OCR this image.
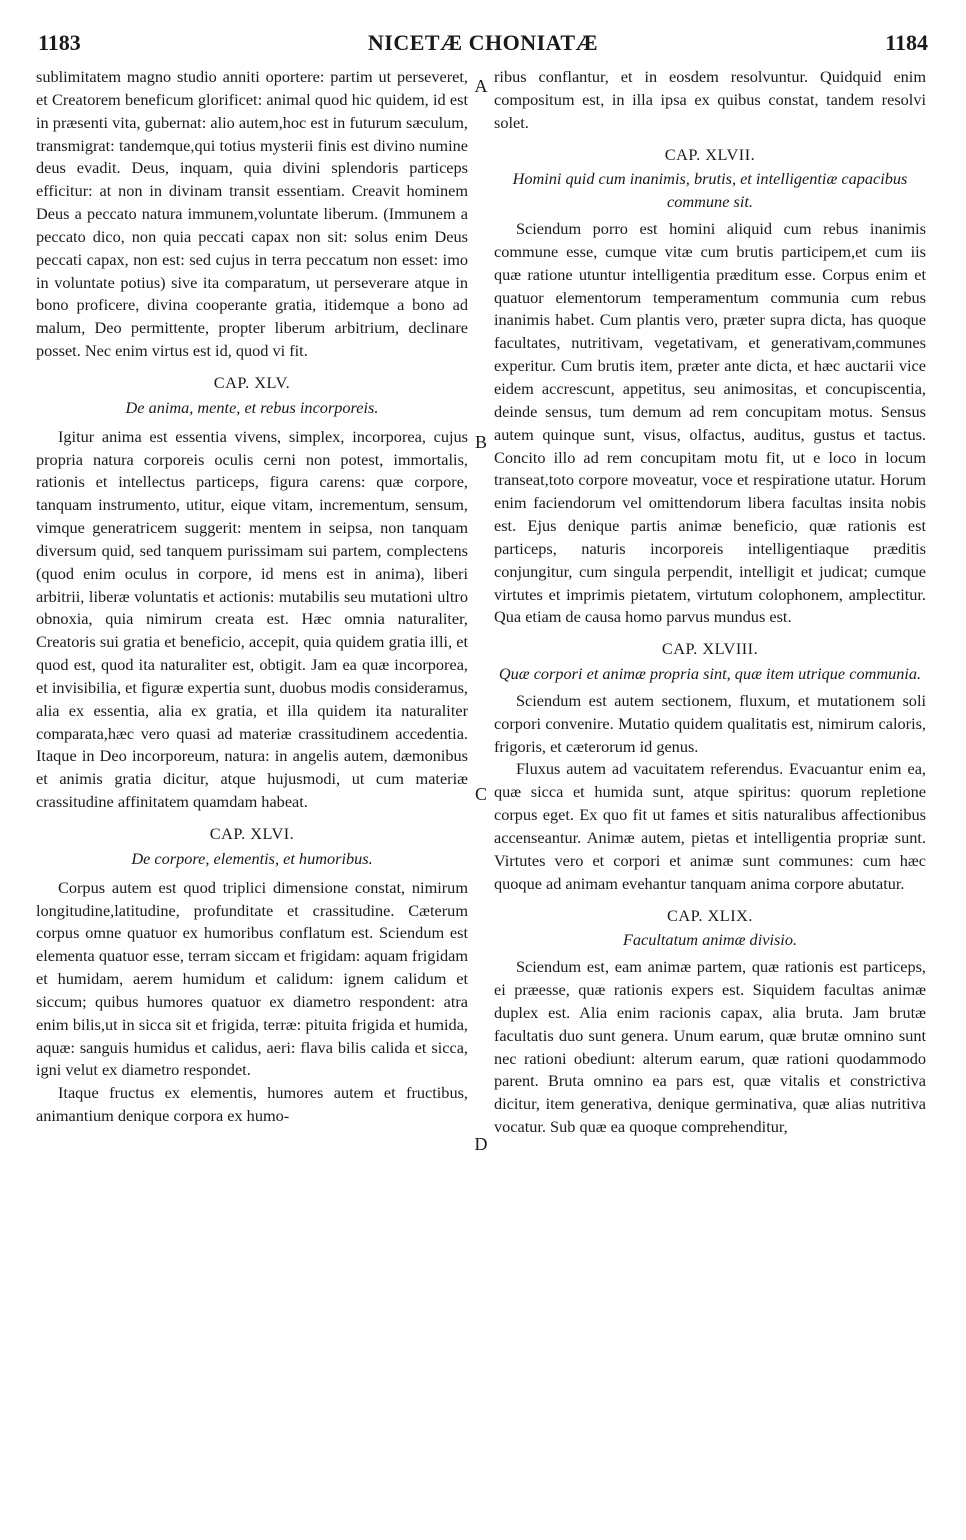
1183	NICETÆ CHONIATÆ	1184

sublimitatem magno studio anniti oportere: partim ut perseveret, et Creatorem beneficum glorificet: animal quod hic quidem, id est in præsenti vita, gubernat: alio autem,hoc est in futurum sæculum, transmigrat: tandemque,qui totius mysterii finis est divino numine deus evadit. Deus, inquam, quia divini splendoris particeps efficitur: at non in divinam transit essentiam. Creavit hominem Deus a peccato natura immunem,voluntate liberum. (Immunem a peccato dico, non quia peccati capax non sit: solus enim Deus peccati capax, non est: sed cujus in terra peccatum non esset: imo in voluntate potius) sive ita comparatum, ut perseverare atque in bono proficere, divina cooperante gratia, itidemque a bono ad malum, Deo permittente, propter liberum arbitrium, declinare posset. Nec enim virtus est id, quod vi fit.

CAP. XLV.
De anima, mente, et rebus incorporeis.

Igitur anima est essentia vivens, simplex, incorporea, cujus propria natura corporeis oculis cerni non potest, immortalis, rationis et intellectus particeps, figura carens: quæ corpore, tanquam instrumento, utitur, eique vitam, incrementum, sensum, vimque generatricem suggerit: mentem in seipsa, non tanquam diversum quid, sed tanquem purissimam sui partem, complectens (quod enim oculus in corpore, id mens est in anima), liberi arbitrii, liberæ voluntatis et actionis: mutabilis seu mutationi ultro obnoxia, quia nimirum creata est. Hæc omnia naturaliter, Creatoris sui gratia et beneficio, accepit, quia quidem gratia illi, et quod est, quod ita naturaliter est, obtigit. Jam ea quæ incorporea, et invisibilia, et figuræ expertia sunt, duobus modis consideramus, alia ex essentia, alia ex gratia, et illa quidem ita naturaliter comparata,hæc vero quasi ad materiæ crassitudinem accedentia. Itaque in Deo incorporeum, natura: in angelis autem, dæmonibus et animis gratia dicitur, atque hujusmodi, ut cum materiæ crassitudine affinitatem quamdam habeat.

CAP. XLVI.
De corpore, elementis, et humoribus.

Corpus autem est quod triplici dimensione constat, nimirum longitudine,latitudine, profunditate et crassitudine. Cæterum corpus omne quatuor ex humoribus conflatum est. Sciendum est elementa quatuor esse, terram siccam et frigidam: aquam frigidam et humidam, aerem humidum et calidum: ignem calidum et siccum; quibus humores quatuor ex diametro respondent: atra enim bilis,ut in sicca sit et frigida, terræ: pituita frigida et humida, aquæ: sanguis humidus et calidus, aeri: flava bilis calida et sicca, igni velut ex diametro respondet.

Itaque fructus ex elementis, humores autem et fructibus, animantium denique corpora ex humo-

A
B
C
D

ribus conflantur, et in eosdem resolvuntur. Quidquid enim compositum est, in illa ipsa ex quibus constat, tandem resolvi solet.

CAP. XLVII.
Homini quid cum inanimis, brutis, et intelligentiæ capacibus commune sit.

Sciendum porro est homini aliquid cum rebus inanimis commune esse, cumque vitæ cum brutis participem,et cum iis quæ ratione utuntur intelligentia præditum esse. Corpus enim et quatuor elementorum temperamentum communia cum rebus inanimis habet. Cum plantis vero, præter supra dicta, has quoque facultates, nutritivam, vegetativam, et generativam,communes experitur. Cum brutis item, præter ante dicta, et hæc auctarii vice eidem accrescunt, appetitus, seu animositas, et concupiscentia, deinde sensus, tum demum ad rem concupitam motus. Sensus autem quinque sunt, visus, olfactus, auditus, gustus et tactus. Concito illo ad rem concupitam motu fit, ut e loco in locum transeat,toto corpore moveatur, voce et respiratione utatur. Horum enim faciendorum vel omittendorum libera facultas insita nobis est. Ejus denique partis animæ beneficio, quæ rationis est particeps, naturis incorporeis intelligentiaque præditis conjungitur, cum singula perpendit, intelligit et judicat; cumque virtutes et imprimis pietatem, virtutum colophonem, amplectitur. Qua etiam de causa homo parvus mundus est.

CAP. XLVIII.
Quæ corpori et animæ propria sint, quæ item utrique communia.

Sciendum est autem sectionem, fluxum, et mutationem soli corpori convenire. Mutatio quidem qualitatis est, nimirum caloris, frigoris, et cæterorum id genus.

Fluxus autem ad vacuitatem referendus. Evacuantur enim ea, quæ sicca et humida sunt, atque spiritus: quorum repletione corpus eget. Ex quo fit ut fames et sitis naturalibus affectionibus accenseantur. Animæ autem, pietas et intelligentia propriæ sunt. Virtutes vero et corpori et animæ sunt communes: cum hæc quoque ad animam evehantur tanquam anima corpore abutatur.

CAP. XLIX.
Facultatum animæ divisio.

Sciendum est, eam animæ partem, quæ rationis est particeps, ei præesse, quæ rationis expers est. Siquidem facultas animæ duplex est. Alia enim racionis capax, alia bruta. Jam brutæ facultatis duo sunt genera. Unum earum, quæ brutæ omnino sunt nec rationi obediunt: alterum earum, quæ rationi quodammodo parent. Bruta omnino ea pars est, quæ vitalis et constrictiva dicitur, item generativa, denique germinativa, quæ alias nutritiva vocatur. Sub quæ ea quoque comprehenditur,
